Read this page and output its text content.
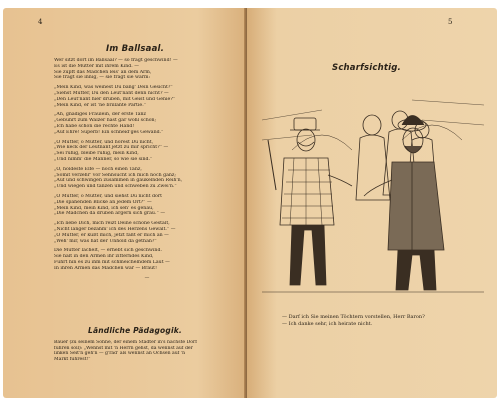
4	5
Im Ballsaal.
Wer sitzt dort im Ballsaal? — so fragt geschwind! —
Es ist die Mutter mit ihrem Kind. —
Sie zupft das Mädchen leis' an dem Arm,
Sie fragt sie innig, — sie fragt sie warm:
„Mein Kind, was weinest Du bang' Dein Gesicht?“
„Siehst Mutter, Du den Leut'nant denn nicht? —
„Den Leut'nant hier drüben, mit Geist und Genie?“
„Mein Kind, er ist 'ne brillante Partie.“
„Ah, gnädiges Fräulein, der erste Tanz
„Gebührt zum Walzer hast gar wohl schon;
„Ich habe schon die rechte Hand!
„Auf Ehre! Superb! Ein schneid'ges Gewand.“
„O Mutter, o Mutter, und hörest Du nicht,
„Wie keck der Leutnant jetzt zu mir spricht?“ —
„Sei ruhig, bleibe ruhig, mein Kind,
„Und nimm' die Männer, so wie sie sind.“
„O, holdeste Elfe — noch einen Tanz,
„Somit verzehr' vor Sehnsucht ich mich noch ganz;
„Auf und schwingen zusammen in gaukelnden Reih'n,
„Und wiegen und tanzen und schweben zu Zwei'n.“
„O Mutter, o Mutter, und siehst Du nicht dort
„Die spähenden Blicke an jedem Ort?“ —
„Mein Kind, mein Kind, ich seh' es genau,
„Die Mädchen da drüben ärgern sich grau.“ —
„Ich liebe Dich, mich reizt Deine schöne Gestalt,
„Nicht länger bezähm' ich des Herzens Gewalt.“ —
„O Mutter, er küßt mich, jetzt faßt er mich an —
„Weh' mir, was hat der Unhold da gethan?“
Die Mutter lächelt, — erhebt sich geschwind.
Sie hält in den Armen ihr zitterndes Kind,
Führt hin es zu ihm mit schmeichelndem Laut —
In ihren Armen das Mädchen war — Braut!
—
Ländliche Pädagogik.
Bauer (zu seinem Sohne, der einem Städter in's nächste Dorf
führen soll): „Wennst mit 'n Herrn gehst, da wennst auf der
linken Seit'n geh'n — g'rad' als wennst an Ochsen auf 'n
Markt führest!“
Scharfsichtig.
— Darf ich Sie meinen Töchtern vorstellen, Herr Baron?
— Ich danke sehr, ich heirate nicht.
